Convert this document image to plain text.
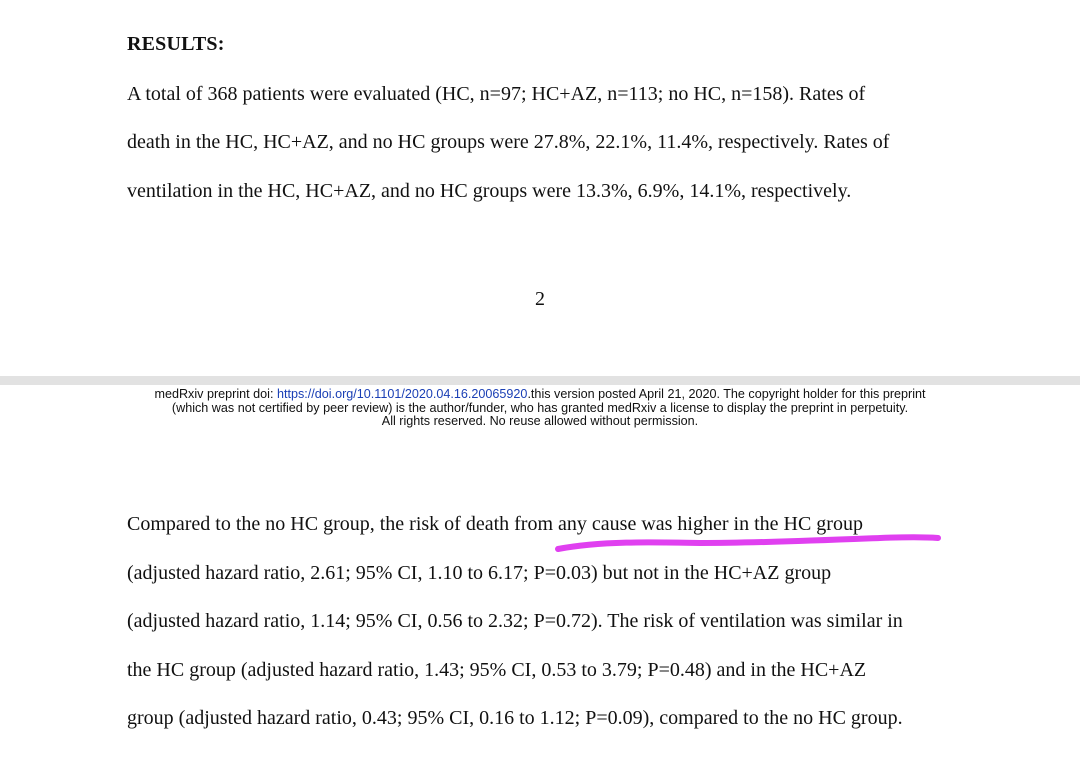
RESULTS:
A total of 368 patients were evaluated (HC, n=97; HC+AZ, n=113; no HC, n=158). Rates of
death in the HC, HC+AZ, and no HC groups were 27.8%, 22.1%, 11.4%, respectively. Rates of
ventilation in the HC, HC+AZ, and no HC groups were 13.3%, 6.9%, 14.1%, respectively.
2
medRxiv preprint doi: https://doi.org/10.1101/2020.04.16.20065920.this version posted April 21, 2020. The copyright holder for this preprint
(which was not certified by peer review) is the author/funder, who has granted medRxiv a license to display the preprint in perpetuity.
All rights reserved. No reuse allowed without permission.
Compared to the no HC group, the risk of death from any cause was higher in the HC group
(adjusted hazard ratio, 2.61; 95% CI, 1.10 to 6.17; P=0.03) but not in the HC+AZ group
(adjusted hazard ratio, 1.14; 95% CI, 0.56 to 2.32; P=0.72). The risk of ventilation was similar in
the HC group (adjusted hazard ratio, 1.43; 95% CI, 0.53 to 3.79; P=0.48) and in the HC+AZ
group (adjusted hazard ratio, 0.43; 95% CI, 0.16 to 1.12; P=0.09), compared to the no HC group.
